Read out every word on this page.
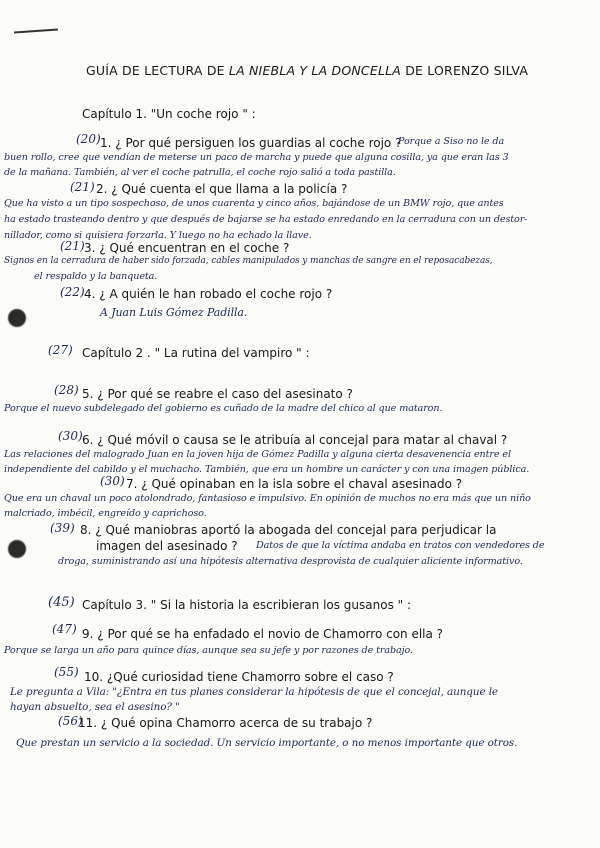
GUÍA DE LECTURA DE LA NIEBLA Y LA DONCELLA DE LORENZO SILVA
Capítulo 1. "Un coche rojo " :
(20) 1. ¿ Por qué persiguen los guardias al coche rojo ?
Porque a Siso no le da
buen rollo, cree que vendían de meterse un paco de marcha y puede que alguna cosilla, ya que eran las 3
de la mañana. También, al ver el coche patrulla, el coche rojo salió a toda pastilla.
(21) 2. ¿ Qué cuenta el que llama a la policía ?
Que ha visto a un tipo sospechoso, de unos cuarenta y cinco años, bajándose de un BMW rojo, que antes
ha estado trasteando dentro y que después de bajarse se ha estado enredando en la cerradura con un destor-
nillador, como si quisiera forzarla. Y luego no ha echado la llave.
(21) 3. ¿ Qué encuentran en el coche ?
Signos en la cerradura de haber sido forzada, cables manipulados y manchas de sangre en el reposacabezas,
el respaldo y la banqueta.
(22) 4. ¿ A quién le han robado el coche rojo ?
A Juan Luis Gómez Padilla.
(27) Capítulo 2 . " La rutina del vampiro " :
(28) 5. ¿ Por qué se reabre el caso del asesinato ?
Porque el nuevo subdelegado del gobierno es cuñado de la madre del chico al que mataron.
(30) 6. ¿ Qué móvil o causa se le atribuía al concejal para matar al chaval ?
Las relaciones del malogrado Juan en la joven hija de Gómez Padilla y alguna cierta desavenencia entre el
independiente del cabildo y el muchacho. También, que era un hombre un carácter y con una imagen pública.
(30) 7. ¿ Qué opinaban en la isla sobre el chaval asesinado ?
Que era un chaval un poco atolondrado, fantasioso e impulsivo. En opinión de muchos no era más que un niño
malcriado, imbécil, engreído y caprichoso.
(39) 8. ¿ Qué maniobras aportó la abogada del concejal para perjudicar la
imagen del asesinado ? Datos de que la víctima andaba en tratos con vendedores de
droga, suministrando así una hipótesis alternativa desprovista de cualquier aliciente informativo.
(45) Capítulo 3. " Si la historia la escribieran los gusanos " :
(47) 9. ¿ Por qué se ha enfadado el novio de Chamorro con ella ?
Porque se larga un año para quince días, aunque sea su jefe y por razones de trabajo.
(55) 10. ¿Qué curiosidad tiene Chamorro sobre el caso ?
Le pregunta a Vila: "¿Entra en tus planes considerar la hipótesis de que el concejal, aunque le
hayan absuelto, sea el asesino? "
(56)
11. ¿ Qué opina Chamorro acerca de su trabajo ?
Que prestan un servicio a la sociedad. Un servicio importante, o no menos importante que otros.
